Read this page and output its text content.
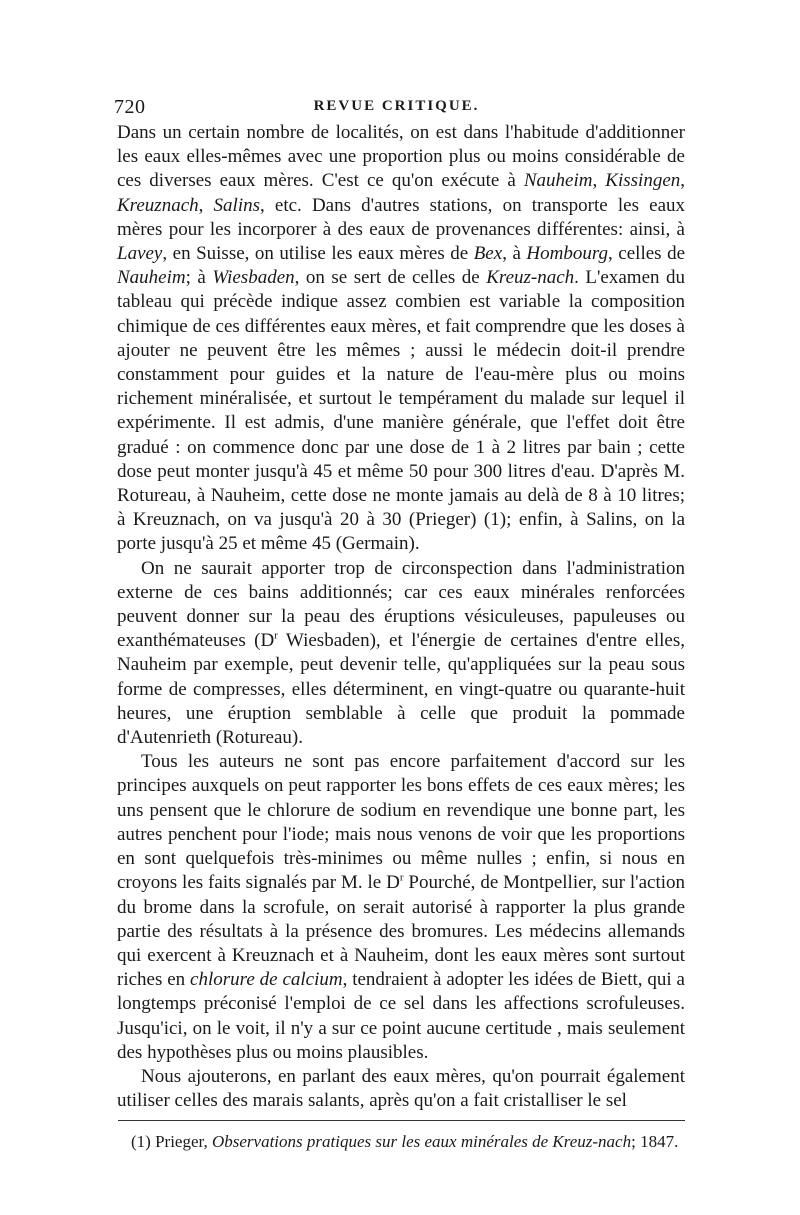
720	REVUE CRITIQUE.

Dans un certain nombre de localités, on est dans l'habitude d'additionner les eaux elles-mêmes avec une proportion plus ou moins considérable de ces diverses eaux mères. C'est ce qu'on exécute à Nauheim, Kissingen, Kreuznach, Salins, etc. Dans d'autres stations, on transporte les eaux mères pour les incorporer à des eaux de provenances différentes: ainsi, à Lavey, en Suisse, on utilise les eaux mères de Bex, à Hombourg, celles de Nauheim; à Wiesbaden, on se sert de celles de Kreuz-nach. L'examen du tableau qui précède indique assez combien est variable la composition chimique de ces différentes eaux mères, et fait comprendre que les doses à ajouter ne peuvent être les mêmes ; aussi le médecin doit-il prendre constamment pour guides et la nature de l'eau-mère plus ou moins richement minéralisée, et surtout le tempérament du malade sur lequel il expérimente. Il est admis, d'une manière générale, que l'effet doit être gradué : on commence donc par une dose de 1 à 2 litres par bain ; cette dose peut monter jusqu'à 45 et même 50 pour 300 litres d'eau. D'après M. Rotureau, à Nauheim, cette dose ne monte jamais au delà de 8 à 10 litres; à Kreuznach, on va jusqu'à 20 à 30 (Prieger) (1); enfin, à Salins, on la porte jusqu'à 25 et même 45 (Germain).

On ne saurait apporter trop de circonspection dans l'administration externe de ces bains additionnés; car ces eaux minérales renforcées peuvent donner sur la peau des éruptions vésiculeuses, papuleuses ou exanthémateuses ($D^r$ Wiesbaden), et l'énergie de certaines d'entre elles, Nauheim par exemple, peut devenir telle, qu'appliquées sur la peau sous forme de compresses, elles déterminent, en vingt-quatre ou quarante-huit heures, une éruption semblable à celle que produit la pommade d'Autenrieth (Rotureau).

Tous les auteurs ne sont pas encore parfaitement d'accord sur les principes auxquels on peut rapporter les bons effets de ces eaux mères; les uns pensent que le chlorure de sodium en revendique une bonne part, les autres penchent pour l'iode; mais nous venons de voir que les proportions en sont quelquefois très-minimes ou même nulles ; enfin, si nous en croyons les faits signalés par M. le $D^r$ Pourché, de Montpellier, sur l'action du brome dans la scrofule, on serait autorisé à rapporter la plus grande partie des résultats à la présence des bromures. Les médecins allemands qui exercent à Kreuznach et à Nauheim, dont les eaux mères sont surtout riches en chlorure de calcium, tendraient à adopter les idées de Biett, qui a longtemps préconisé l'emploi de ce sel dans les affections scrofuleuses. Jusqu'ici, on le voit, il n'y a sur ce point aucune certitude , mais seulement des hypothèses plus ou moins plausibles.

Nous ajouterons, en parlant des eaux mères, qu'on pourrait également utiliser celles des marais salants, après qu'on a fait cristalliser le sel

(1) Prieger, Observations pratiques sur les eaux minérales de Kreuz-nach; 1847.
